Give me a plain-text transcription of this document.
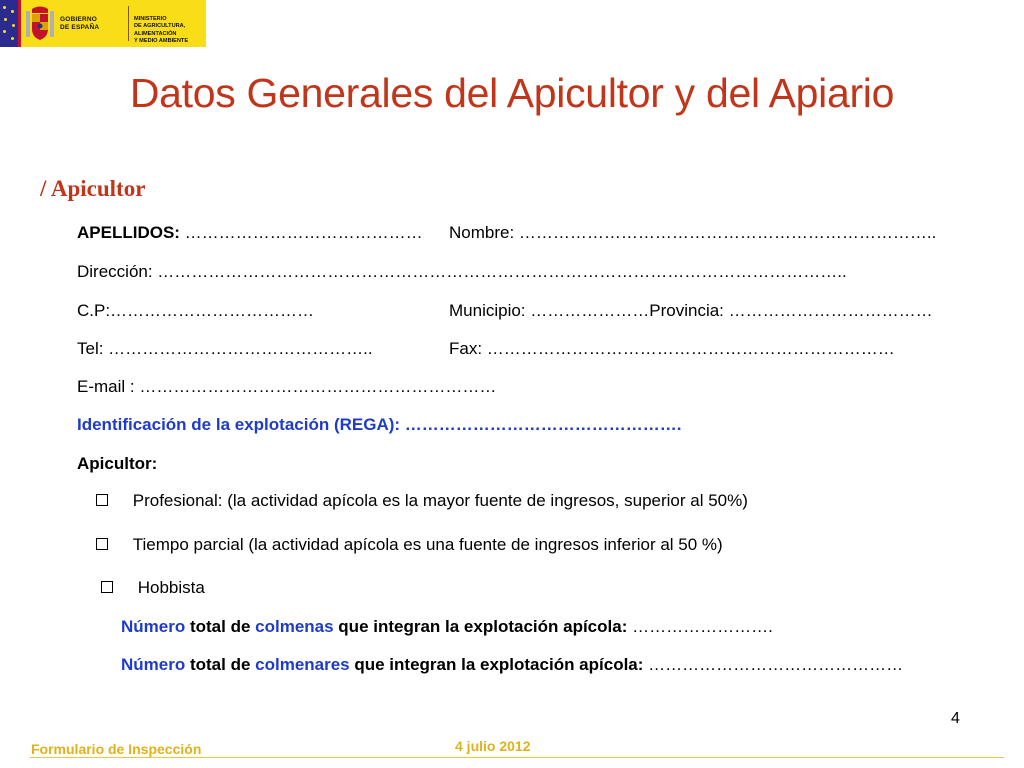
GOBIERNO
DE ESPAÑA
MINISTERIO
DE AGRICULTURA, ALIMENTACIÓN
Y MEDIO AMBIENTE
Datos Generales del Apicultor y del Apiario
/ Apicultor
APELLIDOS: …………………………………… Nombre: ………………………………………………………………..
Dirección: …………………………………………………………………………………………………………..
C.P:………………………………	Municipio: …………………Provincia: ………………………………
Tel: ………………………………………..	Fax: ………………………………………………………………
E-mail : ………………………………………………………
Identificación de la explotación (REGA): ………………………………………….
Apicultor:
Profesional: (la actividad apícola es la mayor fuente de ingresos, superior al 50%)
Tiempo parcial (la actividad apícola es una fuente de ingresos inferior al 50 %)
Hobbista
Número total de colmenas que integran la explotación apícola: …………………….
Número total de colmenares que integran la explotación apícola: ………………………………………
4
Formulario de Inspección	4 julio 2012
